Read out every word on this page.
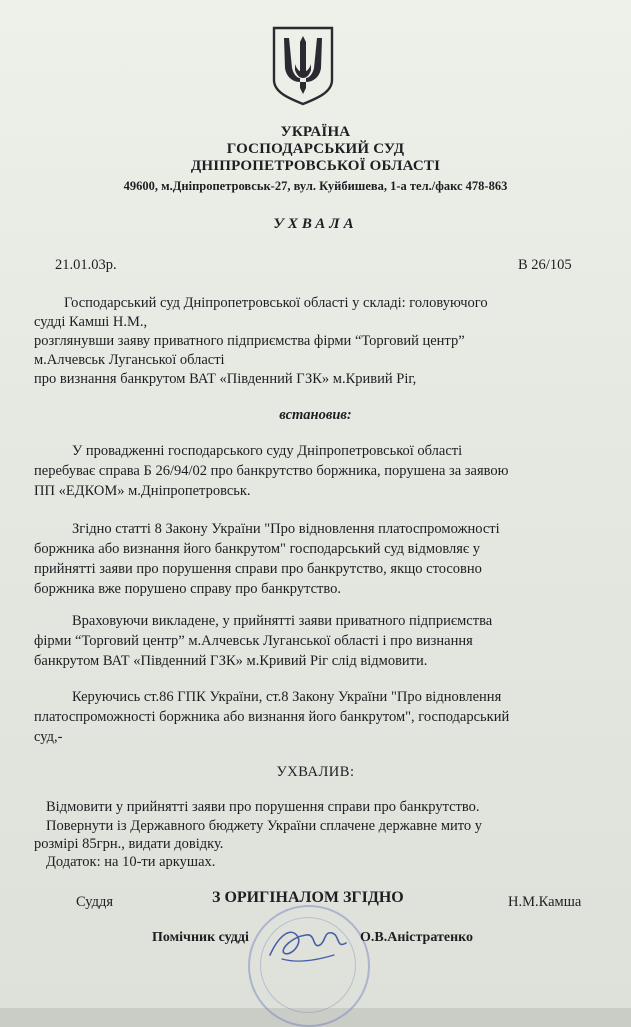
УКРАЇНА
ГОСПОДАРСЬКИЙ СУД
ДНІПРОПЕТРОВСЬКОЇ ОБЛАСТІ
49600, м.Дніпропетровськ-27, вул. Куйбишева, 1-а тел./факс 478-863
УХВАЛА
21.01.03р.	В 26/105
Господарський суд Дніпропетровської області у складі: головуючого
судді Камші Н.М.,
розглянувши заяву приватного підприємства фірми “Торговий центр”
м.Алчевськ Луганської області
про визнання банкрутом ВАТ «Південний ГЗК» м.Кривий Ріг,
встановив:
У провадженні господарського суду Дніпропетровської області
перебуває справа Б 26/94/02 про банкрутство боржника, порушена за заявою
ПП «ЕДКОМ» м.Дніпропетровськ.
Згідно статті 8 Закону України "Про відновлення платоспроможності
боржника або визнання його банкрутом" господарський суд відмовляє у
прийнятті заяви про порушення справи про банкрутство, якщо стосовно
боржника вже порушено справу про банкрутство.
Враховуючи викладене, у прийнятті заяви приватного підприємства
фірми “Торговий центр” м.Алчевськ Луганської області і про визнання
банкрутом ВАТ «Південний ГЗК» м.Кривий Ріг слід відмовити.
Керуючись ст.86 ГПК України, ст.8 Закону України "Про відновлення
платоспроможності боржника або визнання його банкрутом", господарський
суд,-
УХВАЛИВ:
Відмовити у прийнятті заяви про порушення справи про банкрутство.
Повернути із Державного бюджету України сплачене державне мито у
розмірі 85грн., видати довідку.
Додаток: на 10-ти аркушах.
Суддя	З ОРИГІНАЛОМ ЗГІДНО	Н.М.Камша
Помічник судді	О.В.Аністратенко
